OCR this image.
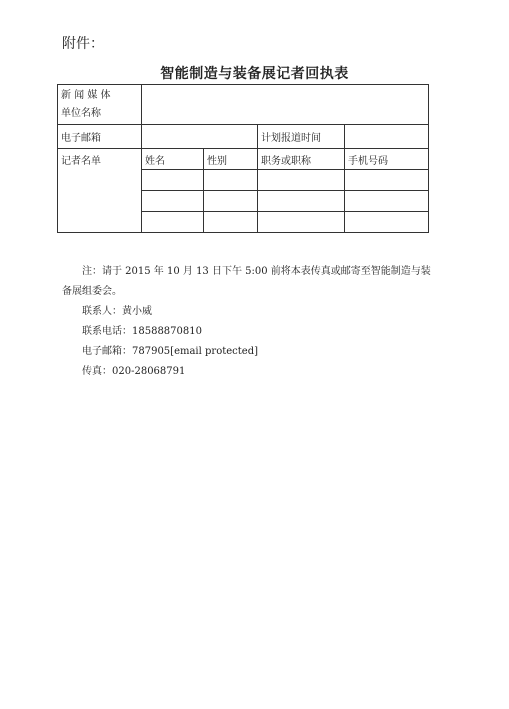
附件：
智能制造与装备展记者回执表
新 闻 媒 体
单位名称				

电子邮箱			计划报道时间	
记者名单	姓名	性别	职务或职称	手机号码

注：请于 2015 年 10 月 13 日下午 5:00 前将本表传真或邮寄至智能制造与装
备展组委会。
联系人：黄小威
联系电话：18588870810
电子邮箱：787905[email protected]
传真：020-28068791
